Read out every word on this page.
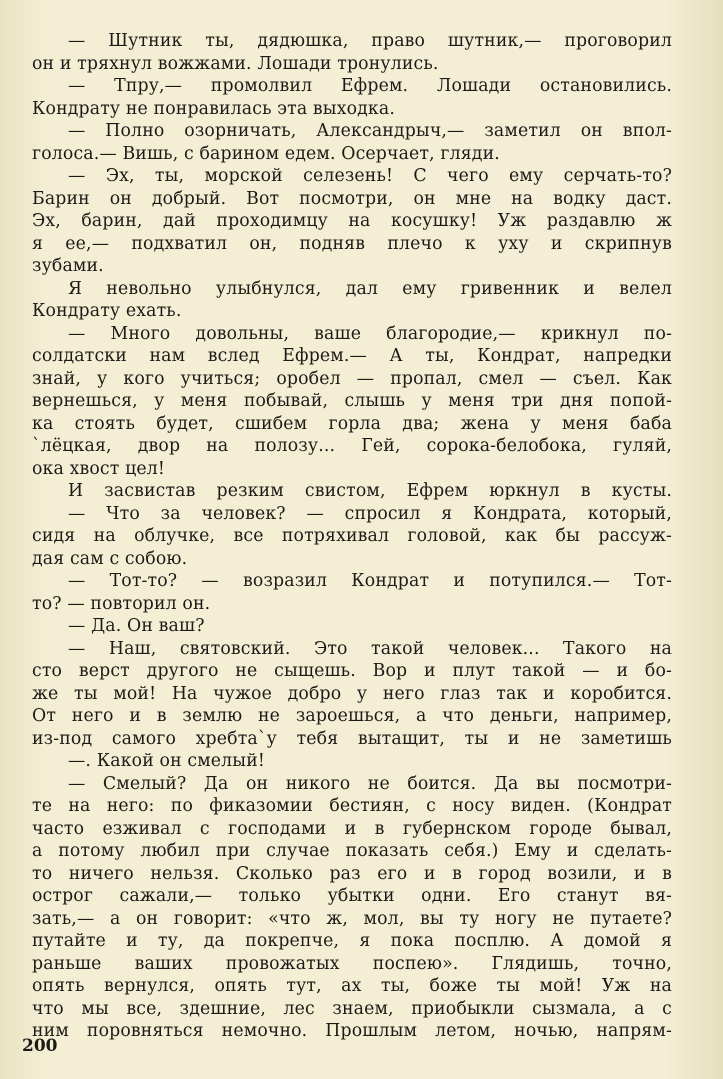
— Шутник ты, дядюшка, право шутник,— проговорил
он и тряхнул вожжами. Лошади тронулись.
— Тпру,— промолвил Ефрем. Лошади остановились.
Кондрату не понравилась эта выходка.
— Полно озорничать, Александрыч,— заметил он впол-
голоса.— Вишь, с барином едем. Осерчает, гляди.
— Эх, ты, морской селезень! С чего ему серчать-то?
Барин он добрый. Вот посмотри, он мне на водку даст.
Эх, барин, дай проходимцу на косушку! Уж раздавлю ж
я ее,— подхватил он, подняв плечо к уху и скрипнув
зубами.
Я невольно улыбнулся, дал ему гривенник и велел
Кондрату ехать.
— Много довольны, ваше благородие,— крикнул по-
солдатски нам вслед Ефрем.— А ты, Кондрат, напредки
знай, у кого учиться; оробел — пропал, смел — съел. Как
вернешься, у меня побывай, слышь у меня три дня попой-
ка стоять будет, сшибем горла два; жена у меня баба
`лёцкая, двор на полозу... Гей, сорока-белобока, гуляй,
ока хвост цел!
И засвистав резким свистом, Ефрем юркнул в кусты.
— Что за человек? — спросил я Кондрата, который,
сидя на облучке, все потряхивал головой, как бы рассуж-
дая сам с собою.
— Тот-то? — возразил Кондрат и потупился.— Тот-
то? — повторил он.
— Да. Он ваш?
— Наш, святовский. Это такой человек... Такого на
сто верст другого не сыщешь. Вор и плут такой — и бо-
же ты мой! На чужое добро у него глаз так и коробится.
От него и в землю не зароешься, а что деньги, например,
из-под самого хребта`у тебя вытащит, ты и не заметишь
—. Какой он смелый!
— Смелый? Да он никого не боится. Да вы посмотри-
те на него: по фиказомии бестиян, с носу виден. (Кондрат
часто езживал с господами и в губернском городе бывал,
а потому любил при случае показать себя.) Ему и сделать-
то ничего нельзя. Сколько раз его и в город возили, и в
острог сажали,— только убытки одни. Его станут вя-
зать,— а он говорит: «что ж, мол, вы ту ногу не путаете?
путайте и ту, да покрепче, я пока посплю. А домой я
раньше ваших провожатых поспею». Глядишь, точно,
опять вернулся, опять тут, ах ты, боже ты мой! Уж на
что мы все, здешние, лес знаем, приобыкли сызмала, а с
ним поровняться немочно. Прошлым летом, ночью, напрям-
200
